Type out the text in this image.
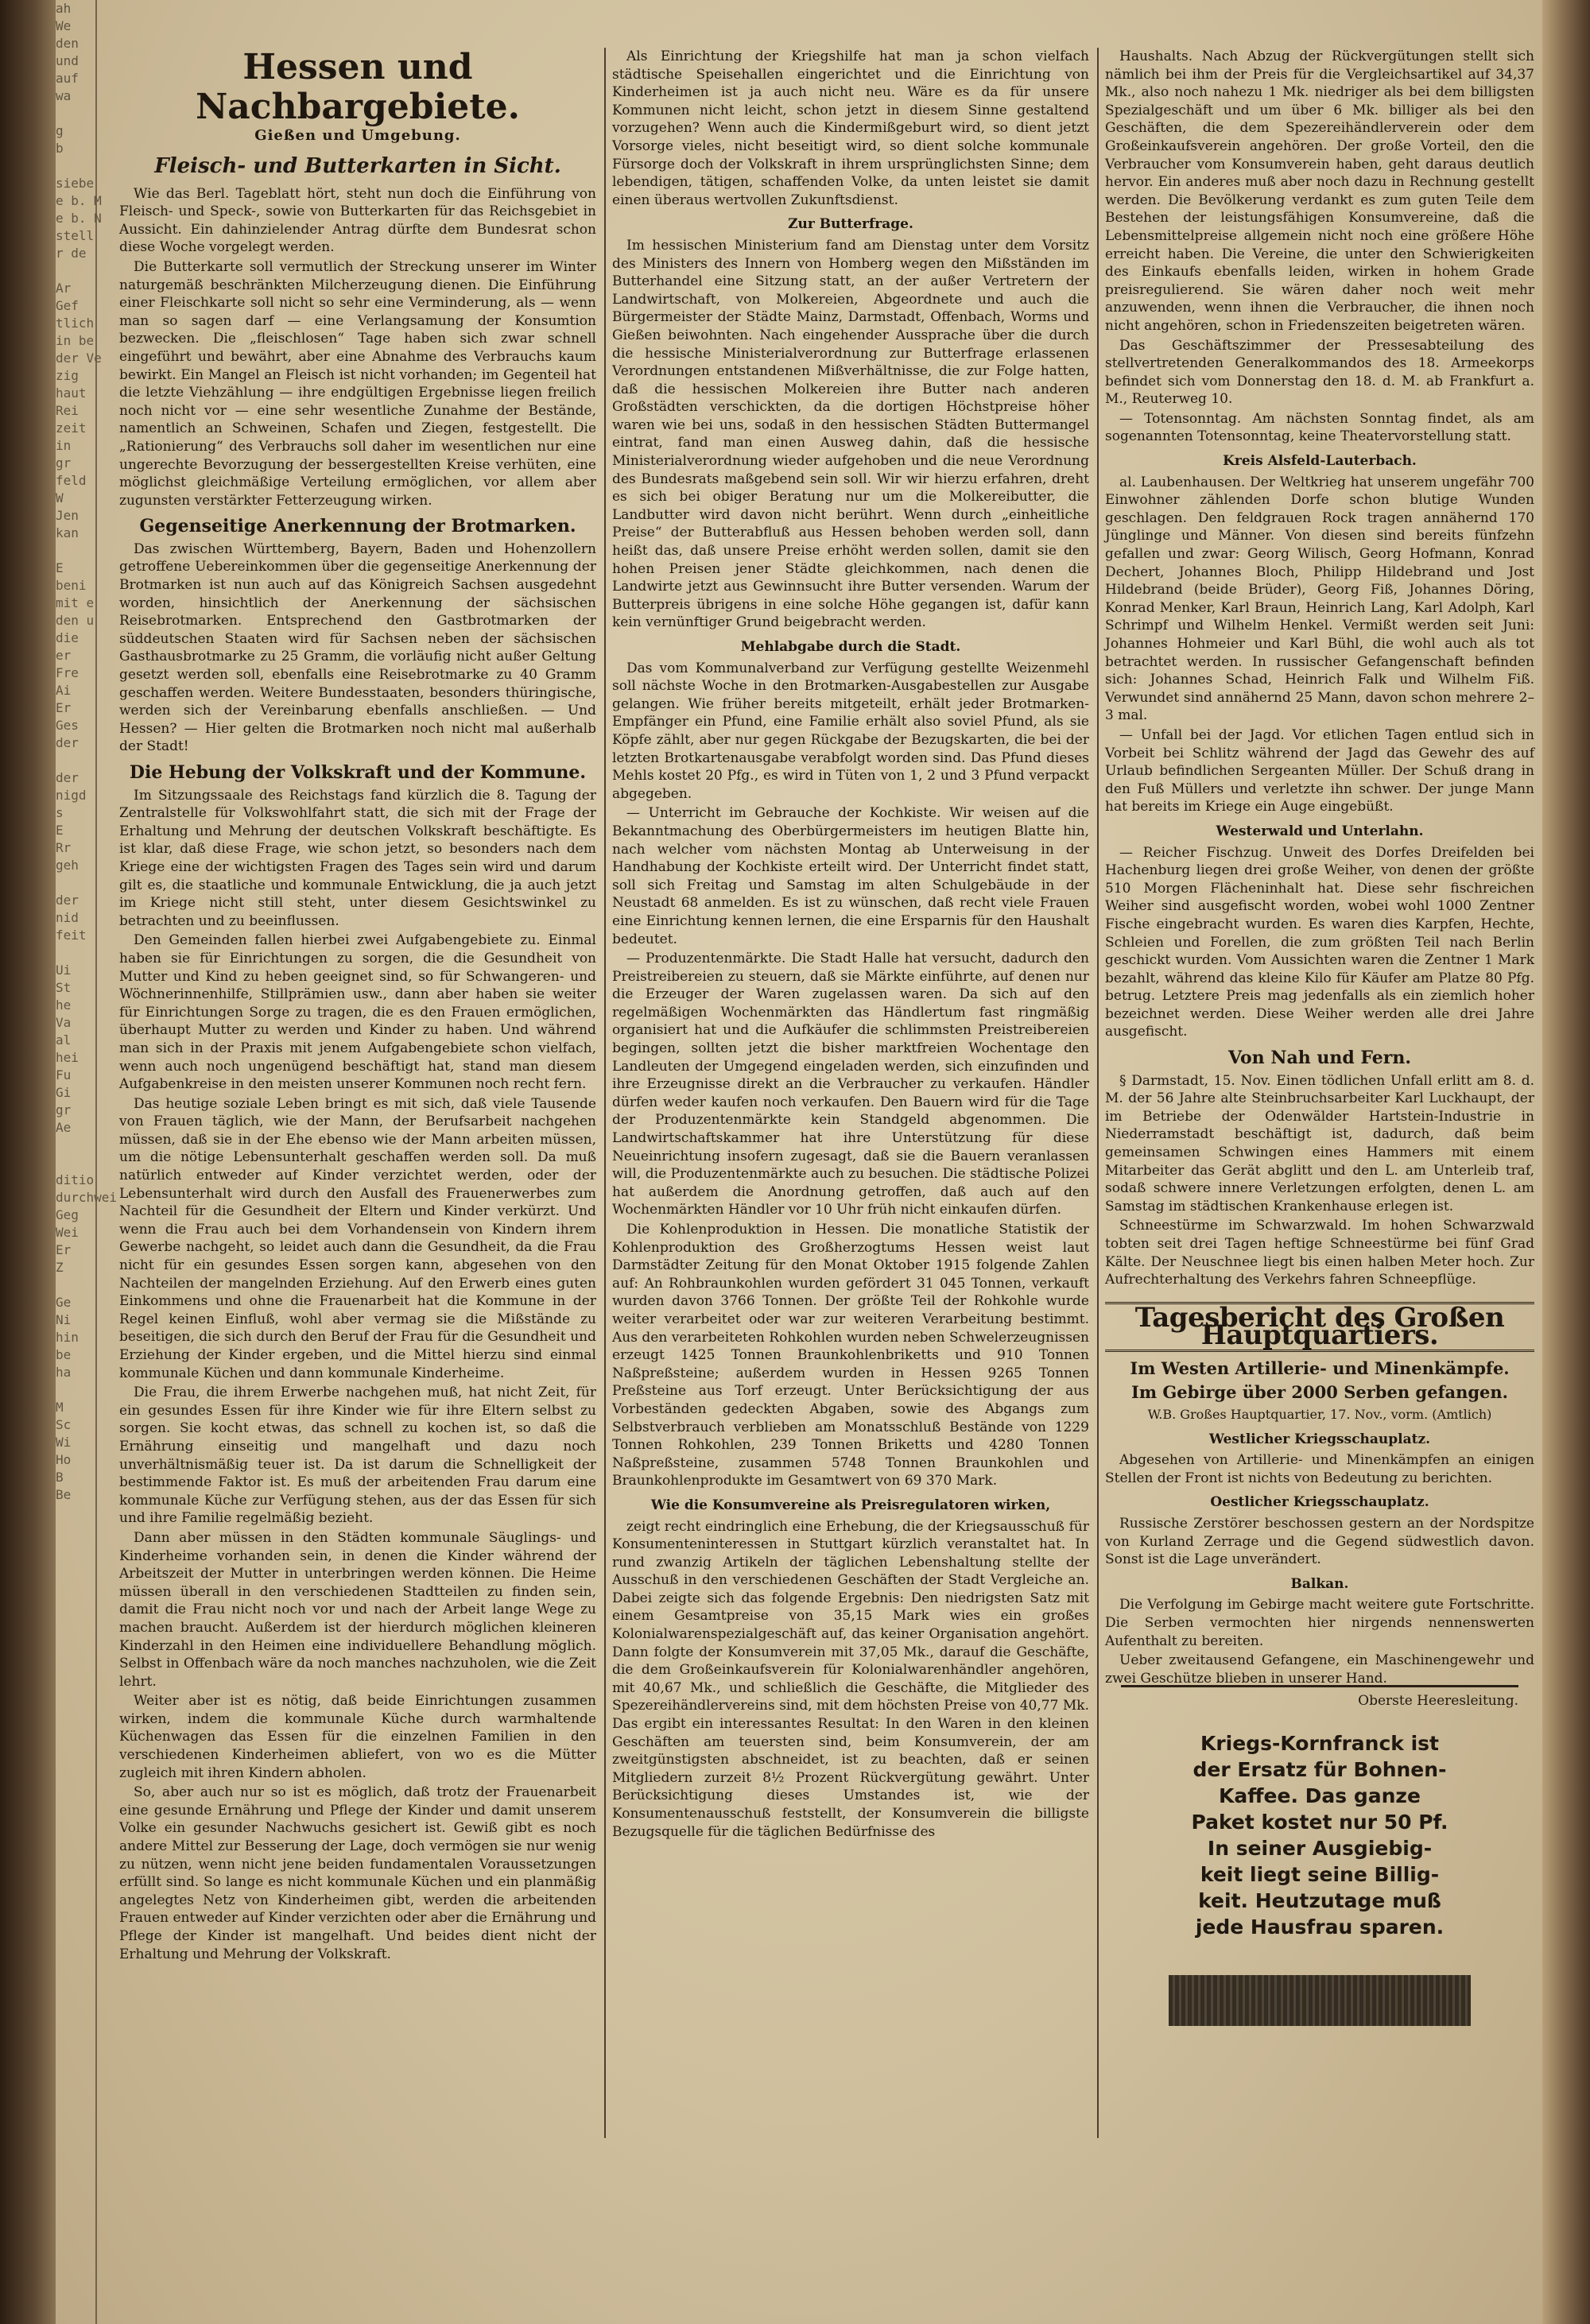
ah
We
den
und
auf
wa

g
b

siebe
e b. M
e b. N
stell
r de

Ar
Gef
tlich
in be
der Ve
zig
haut
Rei
zeit
in
gr
feld
W
Jen
kan

E
beni
mit e
den u
die
er
Fre
Ai
Er
Ges
der

der
nigd
s
E
Rr
geh

der
nid
feit

Ui
St
he
Va
al
hei
Fu
Gi
gr
Ae

ditio
durchwei
Geg
Wei
Er
Z

Ge
Ni
hin
be
ha

M
Sc
Wi
Ho
B
Be
Hessen und Nachbargebiete.
Gießen und Umgebung.
Fleisch- und Butterkarten in Sicht.

Wie das Berl. Tageblatt hört, steht nun doch die Einführung von Fleisch- und Speck-, sowie von Butterkarten für das Reichsgebiet in Aussicht. Ein dahinzielender Antrag dürfte dem Bundesrat schon diese Woche vorgelegt werden.

Die Butterkarte soll vermutlich der Streckung unserer im Winter naturgemäß beschränkten Milcherzeugung dienen. Die Einführung einer Fleischkarte soll nicht so sehr eine Verminderung, als — wenn man so sagen darf — eine Verlangsamung der Konsumtion bezwecken. Die „fleischlosen“ Tage haben sich zwar schnell eingeführt und bewährt, aber eine Abnahme des Verbrauchs kaum bewirkt. Ein Mangel an Fleisch ist nicht vorhanden; im Gegenteil hat die letzte Viehzählung — ihre endgültigen Ergebnisse liegen freilich noch nicht vor — eine sehr wesentliche Zunahme der Bestände, namentlich an Schweinen, Schafen und Ziegen, festgestellt. Die „Rationierung“ des Verbrauchs soll daher im wesentlichen nur eine ungerechte Bevorzugung der bessergestellten Kreise verhüten, eine möglichst gleichmäßige Verteilung ermöglichen, vor allem aber zugunsten verstärkter Fetterzeugung wirken.

Gegenseitige Anerkennung der Brotmarken.

Das zwischen Württemberg, Bayern, Baden und Hohenzollern getroffene Uebereinkommen über die gegenseitige Anerkennung der Brotmarken ist nun auch auf das Königreich Sachsen ausgedehnt worden, hinsichtlich der Anerkennung der sächsischen Reisebrotmarken. Entsprechend den Gastbrotmarken der süddeutschen Staaten wird für Sachsen neben der sächsischen Gasthausbrotmarke zu 25 Gramm, die vorläufig nicht außer Geltung gesetzt werden soll, ebenfalls eine Reisebrotmarke zu 40 Gramm geschaffen werden. Weitere Bundesstaaten, besonders thüringische, werden sich der Vereinbarung ebenfalls anschließen. — Und Hessen? — Hier gelten die Brotmarken noch nicht mal außerhalb der Stadt!

Die Hebung der Volkskraft und der Kommune.

Im Sitzungssaale des Reichstags fand kürzlich die 8. Tagung der Zentralstelle für Volkswohlfahrt statt, die sich mit der Frage der Erhaltung und Mehrung der deutschen Volkskraft beschäftigte. Es ist klar, daß diese Frage, wie schon jetzt, so besonders nach dem Kriege eine der wichtigsten Fragen des Tages sein wird und darum gilt es, die staatliche und kommunale Entwicklung, die ja auch jetzt im Kriege nicht still steht, unter diesem Gesichtswinkel zu betrachten und zu beeinflussen.

Den Gemeinden fallen hierbei zwei Aufgabengebiete zu. Einmal haben sie für Einrichtungen zu sorgen, die die Gesundheit von Mutter und Kind zu heben geeignet sind, so für Schwangeren- und Wöchnerinnenhilfe, Stillprämien usw., dann aber haben sie weiter für Einrichtungen Sorge zu tragen, die es den Frauen ermöglichen, überhaupt Mutter zu werden und Kinder zu haben. Und während man sich in der Praxis mit jenem Aufgabengebiete schon vielfach, wenn auch noch ungenügend beschäftigt hat, stand man diesem Aufgabenkreise in den meisten unserer Kommunen noch recht fern.

Das heutige soziale Leben bringt es mit sich, daß viele Tausende von Frauen täglich, wie der Mann, der Berufsarbeit nachgehen müssen, daß sie in der Ehe ebenso wie der Mann arbeiten müssen, um die nötige Lebensunterhalt geschaffen werden soll. Da muß natürlich entweder auf Kinder verzichtet werden, oder der Lebensunterhalt wird durch den Ausfall des Frauenerwerbes zum Nachteil für die Gesundheit der Eltern und Kinder verkürzt. Und wenn die Frau auch bei dem Vorhandensein von Kindern ihrem Gewerbe nachgeht, so leidet auch dann die Gesundheit, da die Frau nicht für ein gesundes Essen sorgen kann, abgesehen von den Nachteilen der mangelnden Erziehung. Auf den Erwerb eines guten Einkommens und ohne die Frauenarbeit hat die Kommune in der Regel keinen Einfluß, wohl aber vermag sie die Mißstände zu beseitigen, die sich durch den Beruf der Frau für die Gesundheit und Erziehung der Kinder ergeben, und die Mittel hierzu sind einmal kommunale Küchen und dann kommunale Kinderheime.

Die Frau, die ihrem Erwerbe nachgehen muß, hat nicht Zeit, für ein gesundes Essen für ihre Kinder wie für ihre Eltern selbst zu sorgen. Sie kocht etwas, das schnell zu kochen ist, so daß die Ernährung einseitig und mangelhaft und dazu noch unverhältnismäßig teuer ist. Da ist darum die Schnelligkeit der bestimmende Faktor ist. Es muß der arbeitenden Frau darum eine kommunale Küche zur Verfügung stehen, aus der das Essen für sich und ihre Familie regelmäßig bezieht.

Dann aber müssen in den Städten kommunale Säuglings- und Kinderheime vorhanden sein, in denen die Kinder während der Arbeitszeit der Mutter in unterbringen werden können. Die Heime müssen überall in den verschiedenen Stadtteilen zu finden sein, damit die Frau nicht noch vor und nach der Arbeit lange Wege zu machen braucht. Außerdem ist der hierdurch möglichen kleineren Kinderzahl in den Heimen eine individuellere Behandlung möglich. Selbst in Offenbach wäre da noch manches nachzuholen, wie die Zeit lehrt.

Weiter aber ist es nötig, daß beide Einrichtungen zusammen wirken, indem die kommunale Küche durch warmhaltende Küchenwagen das Essen für die einzelnen Familien in den verschiedenen Kinderheimen abliefert, von wo es die Mütter zugleich mit ihren Kindern abholen.

So, aber auch nur so ist es möglich, daß trotz der Frauenarbeit eine gesunde Ernährung und Pflege der Kinder und damit unserem Volke ein gesunder Nachwuchs gesichert ist. Gewiß gibt es noch andere Mittel zur Besserung der Lage, doch vermögen sie nur wenig zu nützen, wenn nicht jene beiden fundamentalen Voraussetzungen erfüllt sind. So lange es nicht kommunale Küchen und ein planmäßig angelegtes Netz von Kinderheimen gibt, werden die arbeitenden Frauen entweder auf Kinder verzichten oder aber die Ernährung und Pflege der Kinder ist mangelhaft. Und beides dient nicht der Erhaltung und Mehrung der Volkskraft.

Als Einrichtung der Kriegshilfe hat man ja schon vielfach städtische Speisehallen eingerichtet und die Einrichtung von Kinderheimen ist ja auch nicht neu. Wäre es da für unsere Kommunen nicht leicht, schon jetzt in diesem Sinne gestaltend vorzugehen? Wenn auch die Kindermißgeburt wird, so dient jetzt Vorsorge vieles, nicht beseitigt wird, so dient solche kommunale Fürsorge doch der Volkskraft in ihrem ursprünglichsten Sinne; dem lebendigen, tätigen, schaffenden Volke, da unten leistet sie damit einen überaus wertvollen Zukunftsdienst.

Zur Butterfrage.

Im hessischen Ministerium fand am Dienstag unter dem Vorsitz des Ministers des Innern von Homberg wegen den Mißständen im Butterhandel eine Sitzung statt, an der außer Vertretern der Landwirtschaft, von Molkereien, Abgeordnete und auch die Bürgermeister der Städte Mainz, Darmstadt, Offenbach, Worms und Gießen beiwohnten. Nach eingehender Aussprache über die durch die hessische Ministerialverordnung zur Butterfrage erlassenen Verordnungen entstandenen Mißverhältnisse, die zur Folge hatten, daß die hessischen Molkereien ihre Butter nach anderen Großstädten verschickten, da die dortigen Höchstpreise höher waren wie bei uns, sodaß in den hessischen Städten Buttermangel eintrat, fand man einen Ausweg dahin, daß die hessische Ministerialverordnung wieder aufgehoben und die neue Verordnung des Bundesrats maßgebend sein soll. Wir wir hierzu erfahren, dreht es sich bei obiger Beratung nur um die Molkereibutter, die Landbutter wird davon nicht berührt. Wenn durch „einheitliche Preise“ der Butterabfluß aus Hessen behoben werden soll, dann heißt das, daß unsere Preise erhöht werden sollen, damit sie den hohen Preisen jener Städte gleichkommen, nach denen die Landwirte jetzt aus Gewinnsucht ihre Butter versenden. Warum der Butterpreis übrigens in eine solche Höhe gegangen ist, dafür kann kein vernünftiger Grund beigebracht werden.

Mehlabgabe durch die Stadt.

Das vom Kommunalverband zur Verfügung gestellte Weizenmehl soll nächste Woche in den Brotmarken-Ausgabestellen zur Ausgabe gelangen. Wie früher bereits mitgeteilt, erhält jeder Brotmarken-Empfänger ein Pfund, eine Familie erhält also soviel Pfund, als sie Köpfe zählt, aber nur gegen Rückgabe der Bezugskarten, die bei der letzten Brotkartenausgabe verabfolgt worden sind. Das Pfund dieses Mehls kostet 20 Pfg., es wird in Tüten von 1, 2 und 3 Pfund verpackt abgegeben.

— Unterricht im Gebrauche der Kochkiste. Wir weisen auf die Bekanntmachung des Oberbürgermeisters im heutigen Blatte hin, nach welcher vom nächsten Montag ab Unterweisung in der Handhabung der Kochkiste erteilt wird. Der Unterricht findet statt, soll sich Freitag und Samstag im alten Schulgebäude in der Neustadt 68 anmelden. Es ist zu wünschen, daß recht viele Frauen eine Einrichtung kennen lernen, die eine Ersparnis für den Haushalt bedeutet.

— Produzentenmärkte. Die Stadt Halle hat versucht, dadurch den Preistreibereien zu steuern, daß sie Märkte einführte, auf denen nur die Erzeuger der Waren zugelassen waren. Da sich auf den regelmäßigen Wochenmärkten das Händlertum fast ringmäßig organisiert hat und die Aufkäufer die schlimmsten Preistreibereien begingen, sollten jetzt die bisher marktfreien Wochentage den Landleuten der Umgegend eingeladen werden, sich einzufinden und ihre Erzeugnisse direkt an die Verbraucher zu verkaufen. Händler dürfen weder kaufen noch verkaufen. Den Bauern wird für die Tage der Produzentenmärkte kein Standgeld abgenommen. Die Landwirtschaftskammer hat ihre Unterstützung für diese Neueinrichtung insofern zugesagt, daß sie die Bauern veranlassen will, die Produzentenmärkte auch zu besuchen. Die städtische Polizei hat außerdem die Anordnung getroffen, daß auch auf den Wochenmärkten Händler vor 10 Uhr früh nicht einkaufen dürfen.

Die Kohlenproduktion in Hessen. Die monatliche Statistik der Kohlenproduktion des Großherzogtums Hessen weist laut Darmstädter Zeitung für den Monat Oktober 1915 folgende Zahlen auf: An Rohbraunkohlen wurden gefördert 31 045 Tonnen, verkauft wurden davon 3766 Tonnen. Der größte Teil der Rohkohle wurde weiter verarbeitet oder war zur weiteren Verarbeitung bestimmt. Aus den verarbeiteten Rohkohlen wurden neben Schwelerzeugnissen erzeugt 1425 Tonnen Braunkohlenbriketts und 910 Tonnen Naßpreßsteine; außerdem wurden in Hessen 9265 Tonnen Preßsteine aus Torf erzeugt. Unter Berücksichtigung der aus Vorbeständen gedeckten Abgaben, sowie des Abgangs zum Selbstverbrauch verblieben am Monatsschluß Bestände von 1229 Tonnen Rohkohlen, 239 Tonnen Briketts und 4280 Tonnen Naßpreßsteine, zusammen 5748 Tonnen Braunkohlen und Braunkohlenprodukte im Gesamtwert von 69 370 Mark.

Wie die Konsumvereine als Preisregulatoren wirken,

zeigt recht eindringlich eine Erhebung, die der Kriegsausschuß für Konsumenteninteressen in Stuttgart kürzlich veranstaltet hat. In rund zwanzig Artikeln der täglichen Lebenshaltung stellte der Ausschuß in den verschiedenen Geschäften der Stadt Vergleiche an. Dabei zeigte sich das folgende Ergebnis: Den niedrigsten Satz mit einem Gesamtpreise von 35,15 Mark wies ein großes Kolonialwarenspezialgeschäft auf, das keiner Organisation angehört. Dann folgte der Konsumverein mit 37,05 Mk., darauf die Geschäfte, die dem Großeinkaufsverein für Kolonialwarenhändler angehören, mit 40,67 Mk., und schließlich die Geschäfte, die Mitglieder des Spezereihändlervereins sind, mit dem höchsten Preise von 40,77 Mk. Das ergibt ein interessantes Resultat: In den Waren in den kleinen Geschäften am teuersten sind, beim Konsumverein, der am zweitgünstigsten abschneidet, ist zu beachten, daß er seinen Mitgliedern zurzeit 8½ Prozent Rückvergütung gewährt. Unter Berücksichtigung dieses Umstandes ist, wie der Konsumentenausschuß feststellt, der Konsumverein die billigste Bezugsquelle für die täglichen Bedürfnisse des

Haushalts. Nach Abzug der Rückvergütungen stellt sich nämlich bei ihm der Preis für die Vergleichsartikel auf 34,37 Mk., also noch nahezu 1 Mk. niedriger als bei dem billigsten Spezialgeschäft und um über 6 Mk. billiger als bei den Geschäften, die dem Spezereihändlerverein oder dem Großeinkaufsverein angehören. Der große Vorteil, den die Verbraucher vom Konsumverein haben, geht daraus deutlich hervor. Ein anderes muß aber noch dazu in Rechnung gestellt werden. Die Bevölkerung verdankt es zum guten Teile dem Bestehen der leistungsfähigen Konsumvereine, daß die Lebensmittelpreise allgemein nicht noch eine größere Höhe erreicht haben. Die Vereine, die unter den Schwierigkeiten des Einkaufs ebenfalls leiden, wirken in hohem Grade preisregulierend. Sie wären daher noch weit mehr anzuwenden, wenn ihnen die Verbraucher, die ihnen noch nicht angehören, schon in Friedenszeiten beigetreten wären.

Das Geschäftszimmer der Pressesabteilung des stellvertretenden Generalkommandos des 18. Armeekorps befindet sich vom Donnerstag den 18. d. M. ab Frankfurt a. M., Reuterweg 10.

— Totensonntag. Am nächsten Sonntag findet, als am sogenannten Totensonntag, keine Theatervorstellung statt.

Kreis Alsfeld-Lauterbach.

al. Laubenhausen. Der Weltkrieg hat unserem ungefähr 700 Einwohner zählenden Dorfe schon blutige Wunden geschlagen. Den feldgrauen Rock tragen annähernd 170 Jünglinge und Männer. Von diesen sind bereits fünfzehn gefallen und zwar: Georg Wilisch, Georg Hofmann, Konrad Dechert, Johannes Bloch, Philipp Hildebrand und Jost Hildebrand (beide Brüder), Georg Fiß, Johannes Döring, Konrad Menker, Karl Braun, Heinrich Lang, Karl Adolph, Karl Schrimpf und Wilhelm Henkel. Vermißt werden seit Juni: Johannes Hohmeier und Karl Bühl, die wohl auch als tot betrachtet werden. In russischer Gefangenschaft befinden sich: Johannes Schad, Heinrich Falk und Wilhelm Fiß. Verwundet sind annähernd 25 Mann, davon schon mehrere 2–3 mal.

— Unfall bei der Jagd. Vor etlichen Tagen entlud sich in Vorbeit bei Schlitz während der Jagd das Gewehr des auf Urlaub befindlichen Sergeanten Müller. Der Schuß drang in den Fuß Müllers und verletzte ihn schwer. Der junge Mann hat bereits im Kriege ein Auge eingebüßt.

Westerwald und Unterlahn.

— Reicher Fischzug. Unweit des Dorfes Dreifelden bei Hachenburg liegen drei große Weiher, von denen der größte 510 Morgen Flächeninhalt hat. Diese sehr fischreichen Weiher sind ausgefischt worden, wobei wohl 1000 Zentner Fische eingebracht wurden. Es waren dies Karpfen, Hechte, Schleien und Forellen, die zum größten Teil nach Berlin geschickt wurden. Vom Aussichten waren die Zentner 1 Mark bezahlt, während das kleine Kilo für Käufer am Platze 80 Pfg. betrug. Letztere Preis mag jedenfalls als ein ziemlich hoher bezeichnet werden. Diese Weiher werden alle drei Jahre ausgefischt.

Von Nah und Fern.

§ Darmstadt, 15. Nov. Einen tödlichen Unfall erlitt am 8. d. M. der 56 Jahre alte Steinbruchsarbeiter Karl Luckhaupt, der im Betriebe der Odenwälder Hartstein-Industrie in Niederramstadt beschäftigt ist, dadurch, daß beim gemeinsamen Schwingen eines Hammers mit einem Mitarbeiter das Gerät abglitt und den L. am Unterleib traf, sodaß schwere innere Verletzungen erfolgten, denen L. am Samstag im städtischen Krankenhause erlegen ist.

Schneestürme im Schwarzwald. Im hohen Schwarzwald tobten seit drei Tagen heftige Schneestürme bei fünf Grad Kälte. Der Neuschnee liegt bis einen halben Meter hoch. Zur Aufrechterhaltung des Verkehrs fahren Schneepflüge.

Tagesbericht des Großen Hauptquartiers.
Im Westen Artillerie- und Minenkämpfe.
Im Gebirge über 2000 Serben gefangen.
W.B. Großes Hauptquartier, 17. Nov., vorm. (Amtlich)
Westlicher Kriegsschauplatz.

Abgesehen von Artillerie- und Minenkämpfen an einigen Stellen der Front ist nichts von Bedeutung zu berichten.

Oestlicher Kriegsschauplatz.

Russische Zerstörer beschossen gestern an der Nordspitze von Kurland Zerrage und die Gegend südwestlich davon. Sonst ist die Lage unverändert.

Balkan.

Die Verfolgung im Gebirge macht weitere gute Fortschritte. Die Serben vermochten hier nirgends nennenswerten Aufenthalt zu bereiten.

Ueber zweitausend Gefangene, ein Maschinengewehr und zwei Geschütze blieben in unserer Hand.

Oberste Heeresleitung.
Kriegs-Kornfranck ist
der Ersatz für Bohnen-
Kaffee. Das ganze
Paket kostet nur 50 Pf.
In seiner Ausgiebig-
keit liegt seine Billig-
keit. Heutzutage muß
jede Hausfrau sparen.
